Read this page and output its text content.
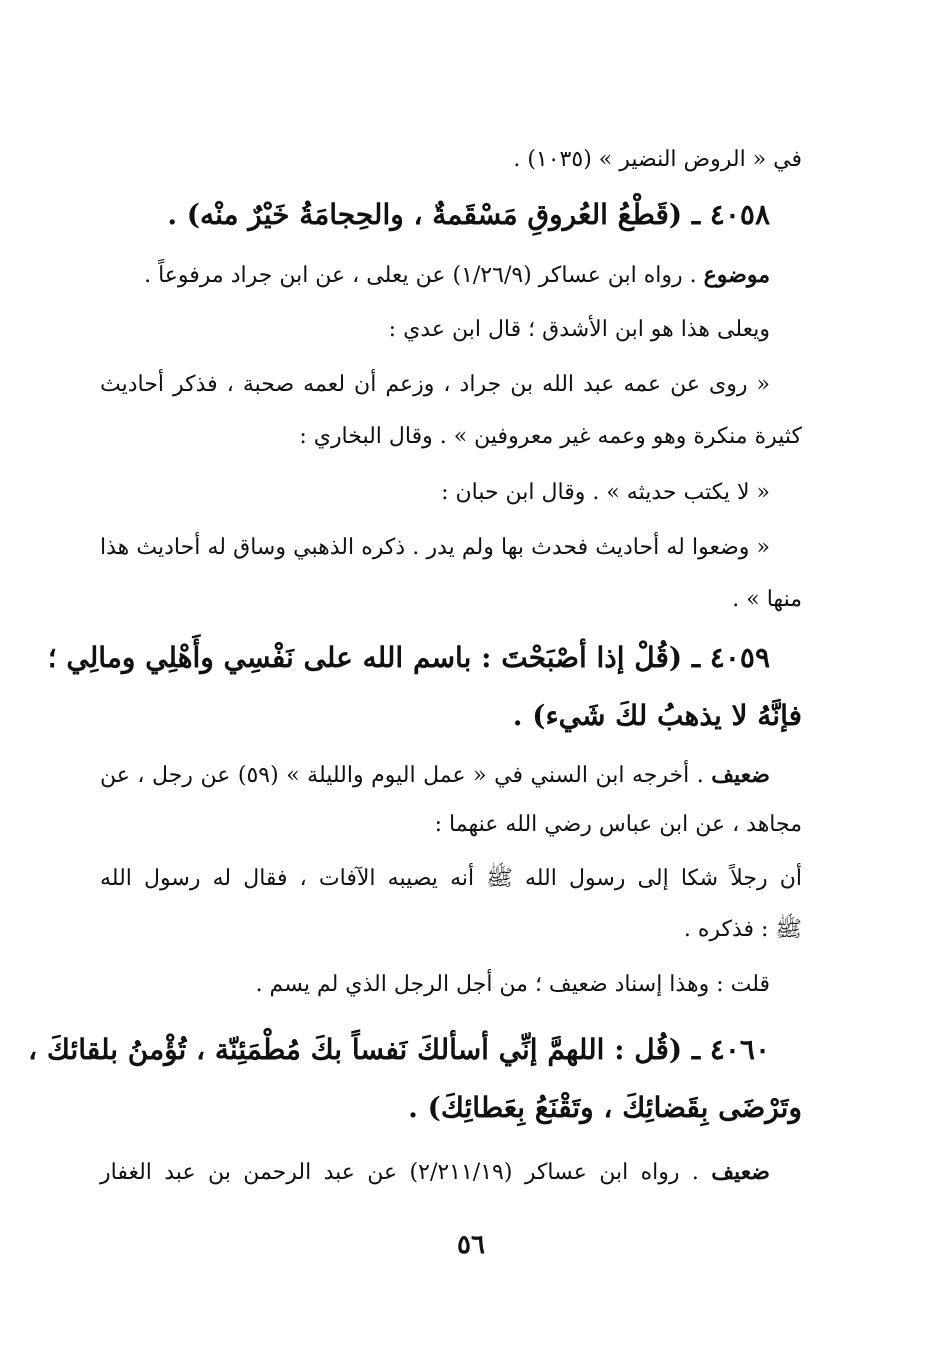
في « الروض النضير » (١٠٣٥) .
٤٠٥٨ ـ (قَطْعُ العُروقِ مَسْقَمةٌ ، والحِجامَةُ خَيْرٌ منْه) .
موضوع . رواه ابن عساكر (١/٢٦/٩) عن يعلى ، عن ابن جراد مرفوعاً .
ويعلى هذا هو ابن الأشدق ؛ قال ابن عدي :
« روى عن عمه عبد الله بن جراد ، وزعم أن لعمه صحبة ، فذكر أحاديث
كثيرة منكرة وهو وعمه غير معروفين » . وقال البخاري :
« لا يكتب حديثه » . وقال ابن حبان :
« وضعوا له أحاديث فحدث بها ولم يدر . ذكره الذهبي وساق له أحاديث هذا
منها » .
٤٠٥٩ ـ (قُلْ إذا أصْبَحْتَ : باسم الله على نَفْسِي وأَهْلِي ومالِي ؛
فإنَّهُ لا يذهبُ لكَ شَيء) .
ضعيف . أخرجه ابن السني في « عمل اليوم والليلة » (٥٩) عن رجل ، عن
مجاهد ، عن ابن عباس رضي الله عنهما :
أن رجلاً شكا إلى رسول الله ﷺ أنه يصيبه الآفات ، فقال له رسول الله
ﷺ : فذكره .
قلت : وهذا إسناد ضعيف ؛ من أجل الرجل الذي لم يسم .
٤٠٦٠ ـ (قُل : اللهمَّ إنِّي أسألكَ نَفساً بكَ مُطْمَئِنّة ، تُؤْمنُ بلقائكَ ،
وتَرْضَى بِقَضائِكَ ، وتَقْنَعُ بِعَطائِكَ) .
ضعيف . رواه ابن عساكر (٢/٢١١/١٩) عن عبد الرحمن بن عبد الغفار
٥٦
